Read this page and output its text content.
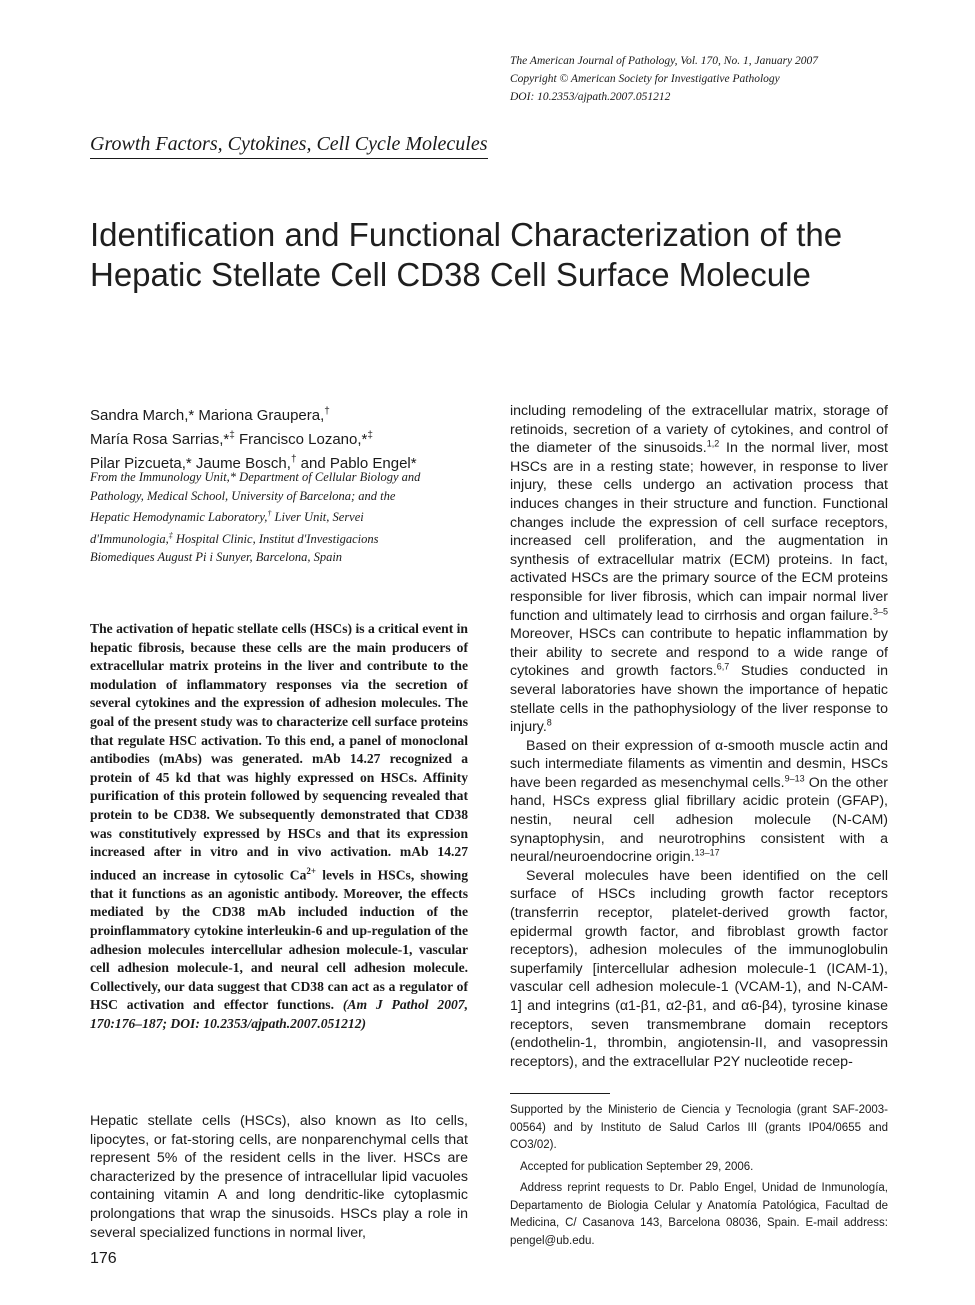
The American Journal of Pathology, Vol. 170, No. 1, January 2007
Copyright © American Society for Investigative Pathology
DOI: 10.2353/ajpath.2007.051212
Growth Factors, Cytokines, Cell Cycle Molecules
Identification and Functional Characterization of the
Hepatic Stellate Cell CD38 Cell Surface Molecule
Sandra March,* Mariona Graupera,†
María Rosa Sarrias,*‡ Francisco Lozano,*‡
Pilar Pizcueta,* Jaume Bosch,† and Pablo Engel*
From the Immunology Unit,* Department of Cellular Biology and
Pathology, Medical School, University of Barcelona; and the
Hepatic Hemodynamic Laboratory,† Liver Unit, Servei
d'Immunologia,‡ Hospital Clinic, Institut d'Investigacions
Biomediques August Pi i Sunyer, Barcelona, Spain
The activation of hepatic stellate cells (HSCs) is a critical event in hepatic fibrosis, because these cells are the main producers of extracellular matrix proteins in the liver and contribute to the modulation of inflammatory responses via the secretion of several cytokines and the expression of adhesion molecules. The goal of the present study was to characterize cell surface proteins that regulate HSC activation. To this end, a panel of monoclonal antibodies (mAbs) was generated. mAb 14.27 recognized a protein of 45 kd that was highly expressed on HSCs. Affinity purification of this protein followed by sequencing revealed that protein to be CD38. We subsequently demonstrated that CD38 was constitutively expressed by HSCs and that its expression increased after in vitro and in vivo activation. mAb 14.27 induced an increase in cytosolic $Ca^{2+}$ levels in HSCs, showing that it functions as an agonistic antibody. Moreover, the effects mediated by the CD38 mAb included induction of the proinflammatory cytokine interleukin-6 and up-regulation of the adhesion molecules intercellular adhesion molecule-1, vascular cell adhesion molecule-1, and neural cell adhesion molecule. Collectively, our data suggest that CD38 can act as a regulator of HSC activation and effector functions. (Am J Pathol 2007, 170:176–187; DOI: 10.2353/ajpath.2007.051212)

Hepatic stellate cells (HSCs), also known as Ito cells, lipocytes, or fat-storing cells, are nonparenchymal cells that represent 5% of the resident cells in the liver. HSCs are characterized by the presence of intracellular lipid vacuoles containing vitamin A and long dendritic-like cytoplasmic prolongations that wrap the sinusoids. HSCs play a role in several specialized functions in normal liver,

including remodeling of the extracellular matrix, storage of retinoids, secretion of a variety of cytokines, and control of the diameter of the sinusoids.$^{1,2}$ In the normal liver, most HSCs are in a resting state; however, in response to liver injury, these cells undergo an activation process that induces changes in their structure and function. Functional changes include the expression of cell surface receptors, increased cell proliferation, and the augmentation in synthesis of extracellular matrix (ECM) proteins. In fact, activated HSCs are the primary source of the ECM proteins responsible for liver fibrosis, which can impair normal liver function and ultimately lead to cirrhosis and organ failure.$^{3-5}$ Moreover, HSCs can contribute to hepatic inflammation by their ability to secrete and respond to a wide range of cytokines and growth factors.$^{6,7}$ Studies conducted in several laboratories have shown the importance of hepatic stellate cells in the pathophysiology of the liver response to injury.$^8$

Based on their expression of α-smooth muscle actin and such intermediate filaments as vimentin and desmin, HSCs have been regarded as mesenchymal cells.$^{9-13}$ On the other hand, HSCs express glial fibrillary acidic protein (GFAP), nestin, neural cell adhesion molecule (N-CAM) synaptophysin, and neurotrophins consistent with a neural/neuroendocrine origin.$^{13-17}$

Several molecules have been identified on the cell surface of HSCs including growth factor receptors (transferrin receptor, platelet-derived growth factor, epidermal growth factor, and fibroblast growth factor receptors), adhesion molecules of the immunoglobulin superfamily [intercellular adhesion molecule-1 (ICAM-1), vascular cell adhesion molecule-1 (VCAM-1), and N-CAM-1] and integrins (α1-β1, α2-β1, and α6-β4), tyrosine kinase receptors, seven transmembrane domain receptors (endothelin-1, thrombin, angiotensin-II, and vasopressin receptors), and the extracellular P2Y nucleotide recep-

Supported by the Ministerio de Ciencia y Tecnologia (grant SAF-2003-00564) and by Instituto de Salud Carlos III (grants IP04/0655 and CO3/02).

Accepted for publication September 29, 2006.

Address reprint requests to Dr. Pablo Engel, Unidad de Inmunología, Departamento de Biologia Celular y Anatomía Patológica, Facultad de Medicina, C/ Casanova 143, Barcelona 08036, Spain. E-mail address: pengel@ub.edu.

176
